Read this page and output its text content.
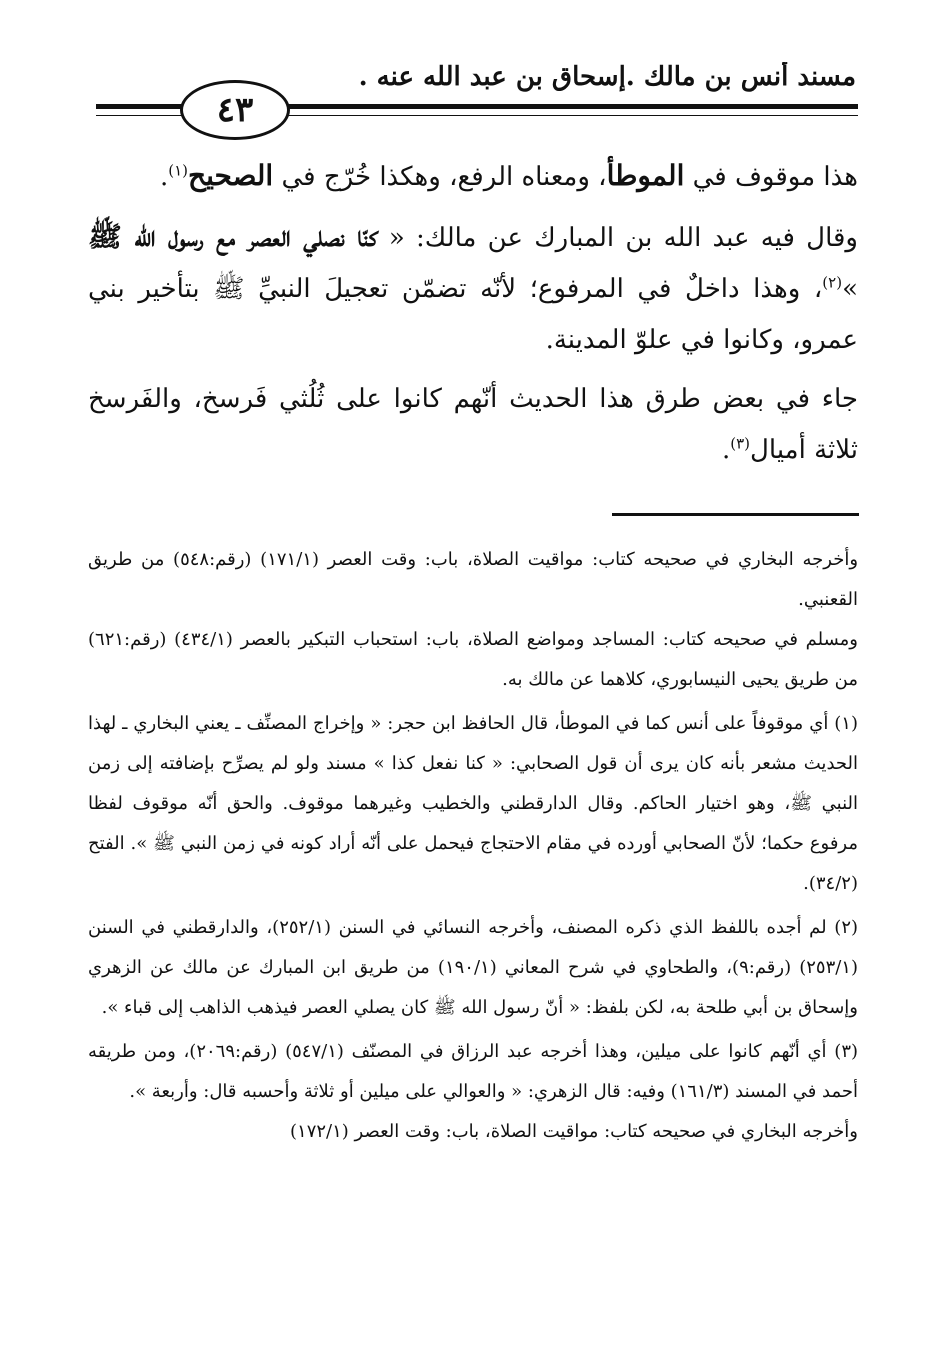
مسند أنس بن مالك .إسحاق بن عبد الله عنه .
٤٣

هذا موقوف في الموطأ، ومعناه الرفع، وهكذا خُرّج في الصحيح$^{(١)}$.

وقال فيه عبد الله بن المبارك عن مالك: « كنّا نصلي العصر مع رسول الله ﷺ »$^{(٢)}$، وهذا داخلٌ في المرفوع؛ لأنّه تضمّن تعجيلَ النبيِّ ﷺ بتأخير بني عمرو، وكانوا في علوّ المدينة.

جاء في بعض طرق هذا الحديث أنّهم كانوا على ثُلُثي فَرسخ، والفَرسخ ثلاثة أميال$^{(٣)}$.

وأخرجه البخاري في صحيحه كتاب: مواقيت الصلاة، باب: وقت العصر (١٧١/١) (رقم:٥٤٨) من طريق القعنبي.

ومسلم في صحيحه كتاب: المساجد ومواضع الصلاة، باب: استحباب التبكير بالعصر (٤٣٤/١) (رقم:٦٢١) من طريق يحيى النيسابوري، كلاهما عن مالك به.

(١) أي موقوفاً على أنس كما في الموطأ، قال الحافظ ابن حجر: « وإخراج المصنِّف ـ يعني البخاري ـ لهذا الحديث مشعر بأنه كان يرى أن قول الصحابي: « كنا نفعل كذا » مسند ولو لم يصرِّح بإضافته إلى زمن النبي ﷺ، وهو اختيار الحاكم. وقال الدارقطني والخطيب وغيرهما موقوف. والحق أنّه موقوف لفظا مرفوع حكما؛ لأنّ الصحابي أورده في مقام الاحتجاج فيحمل على أنّه أراد كونه في زمن النبي ﷺ ». الفتح (٣٤/٢).

(٢) لم أجده باللفظ الذي ذكره المصنف، وأخرجه النسائي في السنن (٢٥٢/١)، والدارقطني في السنن (٢٥٣/١) (رقم:٩)، والطحاوي في شرح المعاني (١٩٠/١) من طريق ابن المبارك عن مالك عن الزهري وإسحاق بن أبي طلحة به، لكن بلفظ: « أنّ رسول الله ﷺ كان يصلي العصر فيذهب الذاهب إلى قباء ».

(٣) أي أنّهم كانوا على ميلين، وهذا أخرجه عبد الرزاق في المصنّف (٥٤٧/١) (رقم:٢٠٦٩)، ومن طريقه أحمد في المسند (١٦١/٣) وفيه: قال الزهري: « والعوالي على ميلين أو ثلاثة وأحسبه قال: وأربعة ».

وأخرجه البخاري في صحيحه كتاب: مواقيت الصلاة، باب: وقت العصر (١٧٢/١)
